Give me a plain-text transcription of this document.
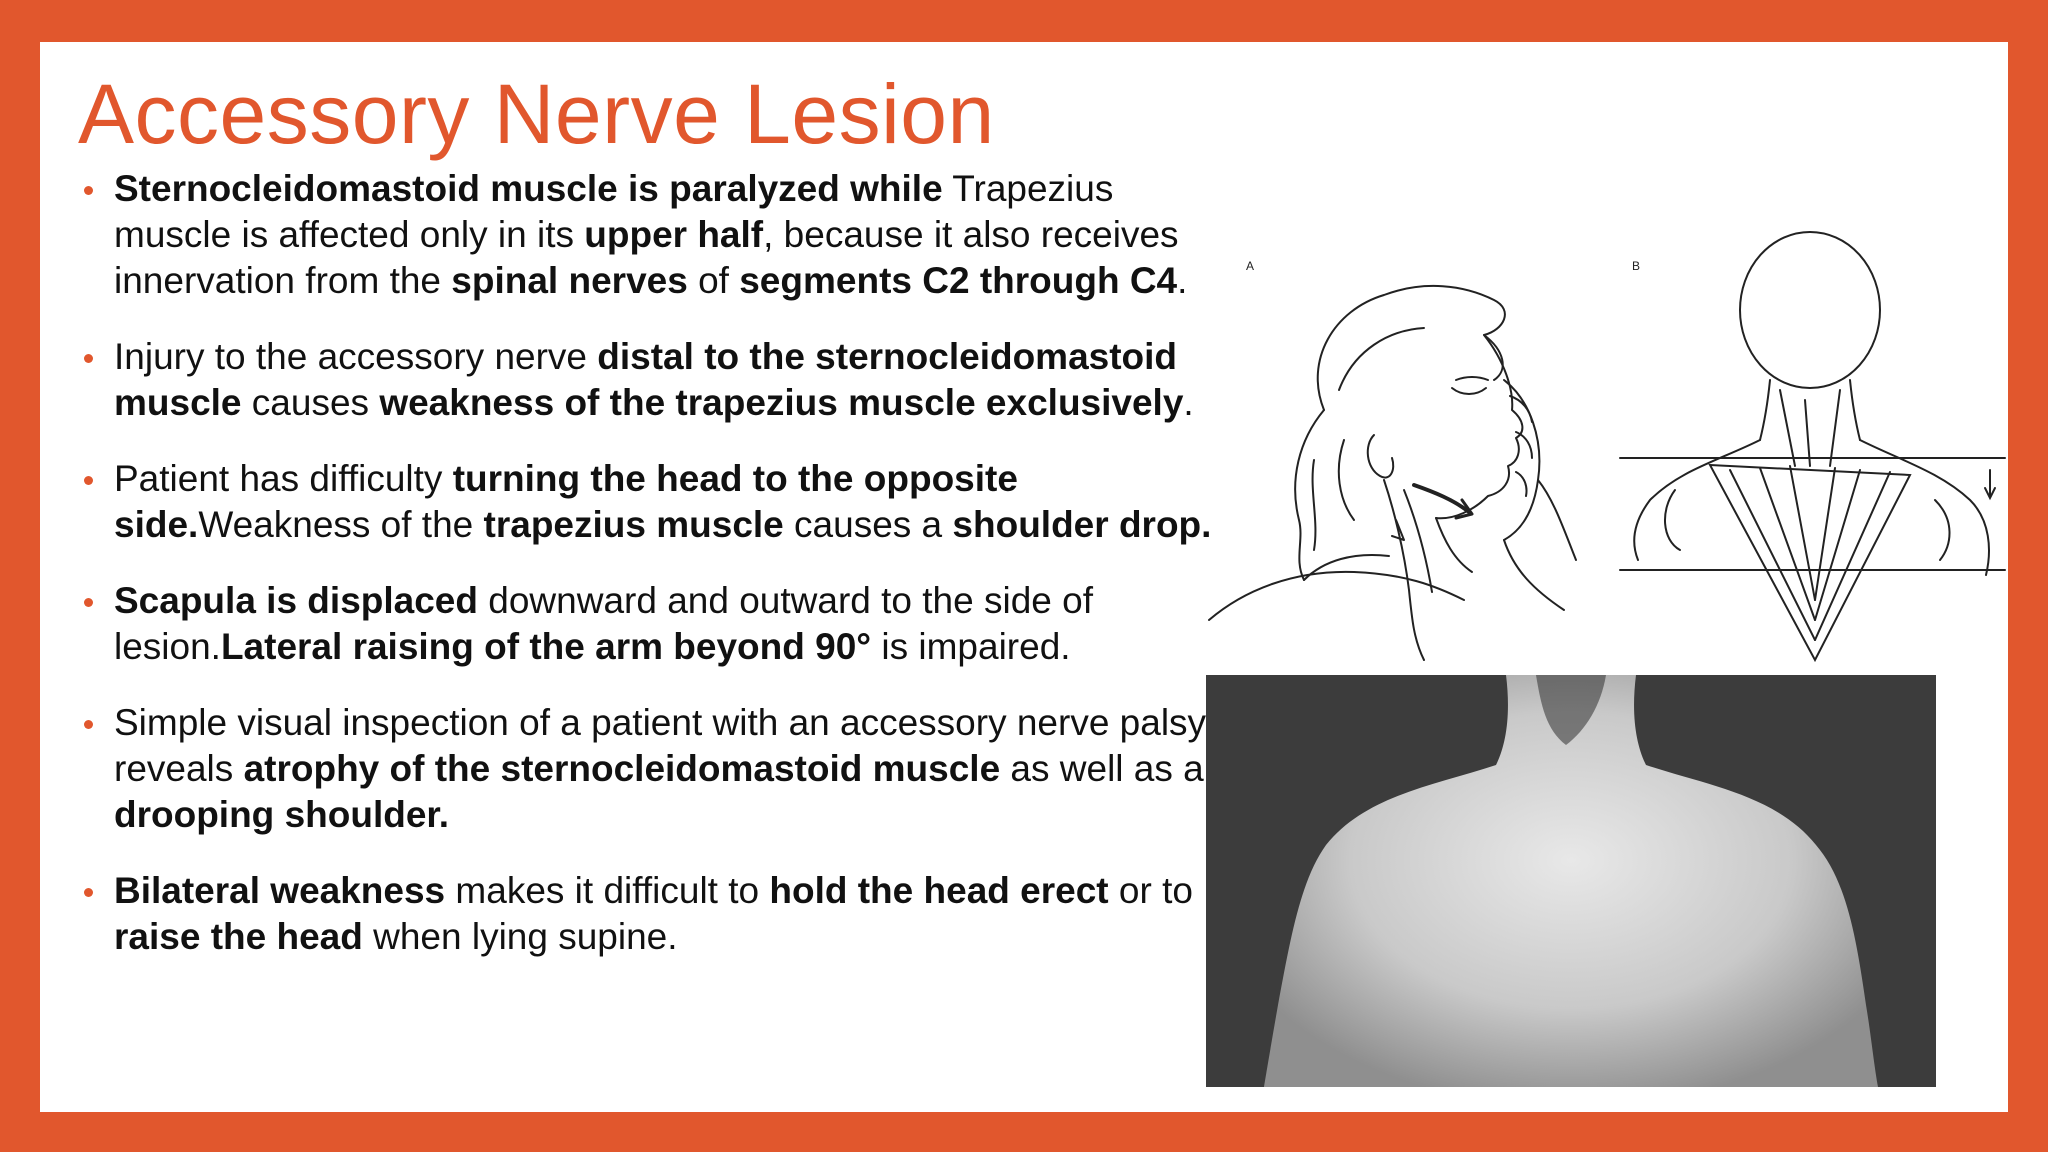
Accessory Nerve Lesion
Sternocleidomastoid muscle is paralyzed while Trapezius muscle is affected only in its upper half, because it also receives innervation from the spinal nerves of segments C2 through C4.
Injury to the accessory nerve distal to the sternocleidomastoid muscle causes weakness of the trapezius muscle exclusively.
Patient has difficulty turning the head to the opposite side.Weakness of the trapezius muscle causes a shoulder drop.
Scapula is displaced downward and outward to the side of lesion.Lateral raising of the arm beyond 90° is impaired.
Simple visual inspection of a patient with an accessory nerve palsy reveals atrophy of the sternocleidomastoid muscle as well as a drooping shoulder.
Bilateral weakness makes it difficult to hold the head erect or to raise the head when lying supine.
A	B
